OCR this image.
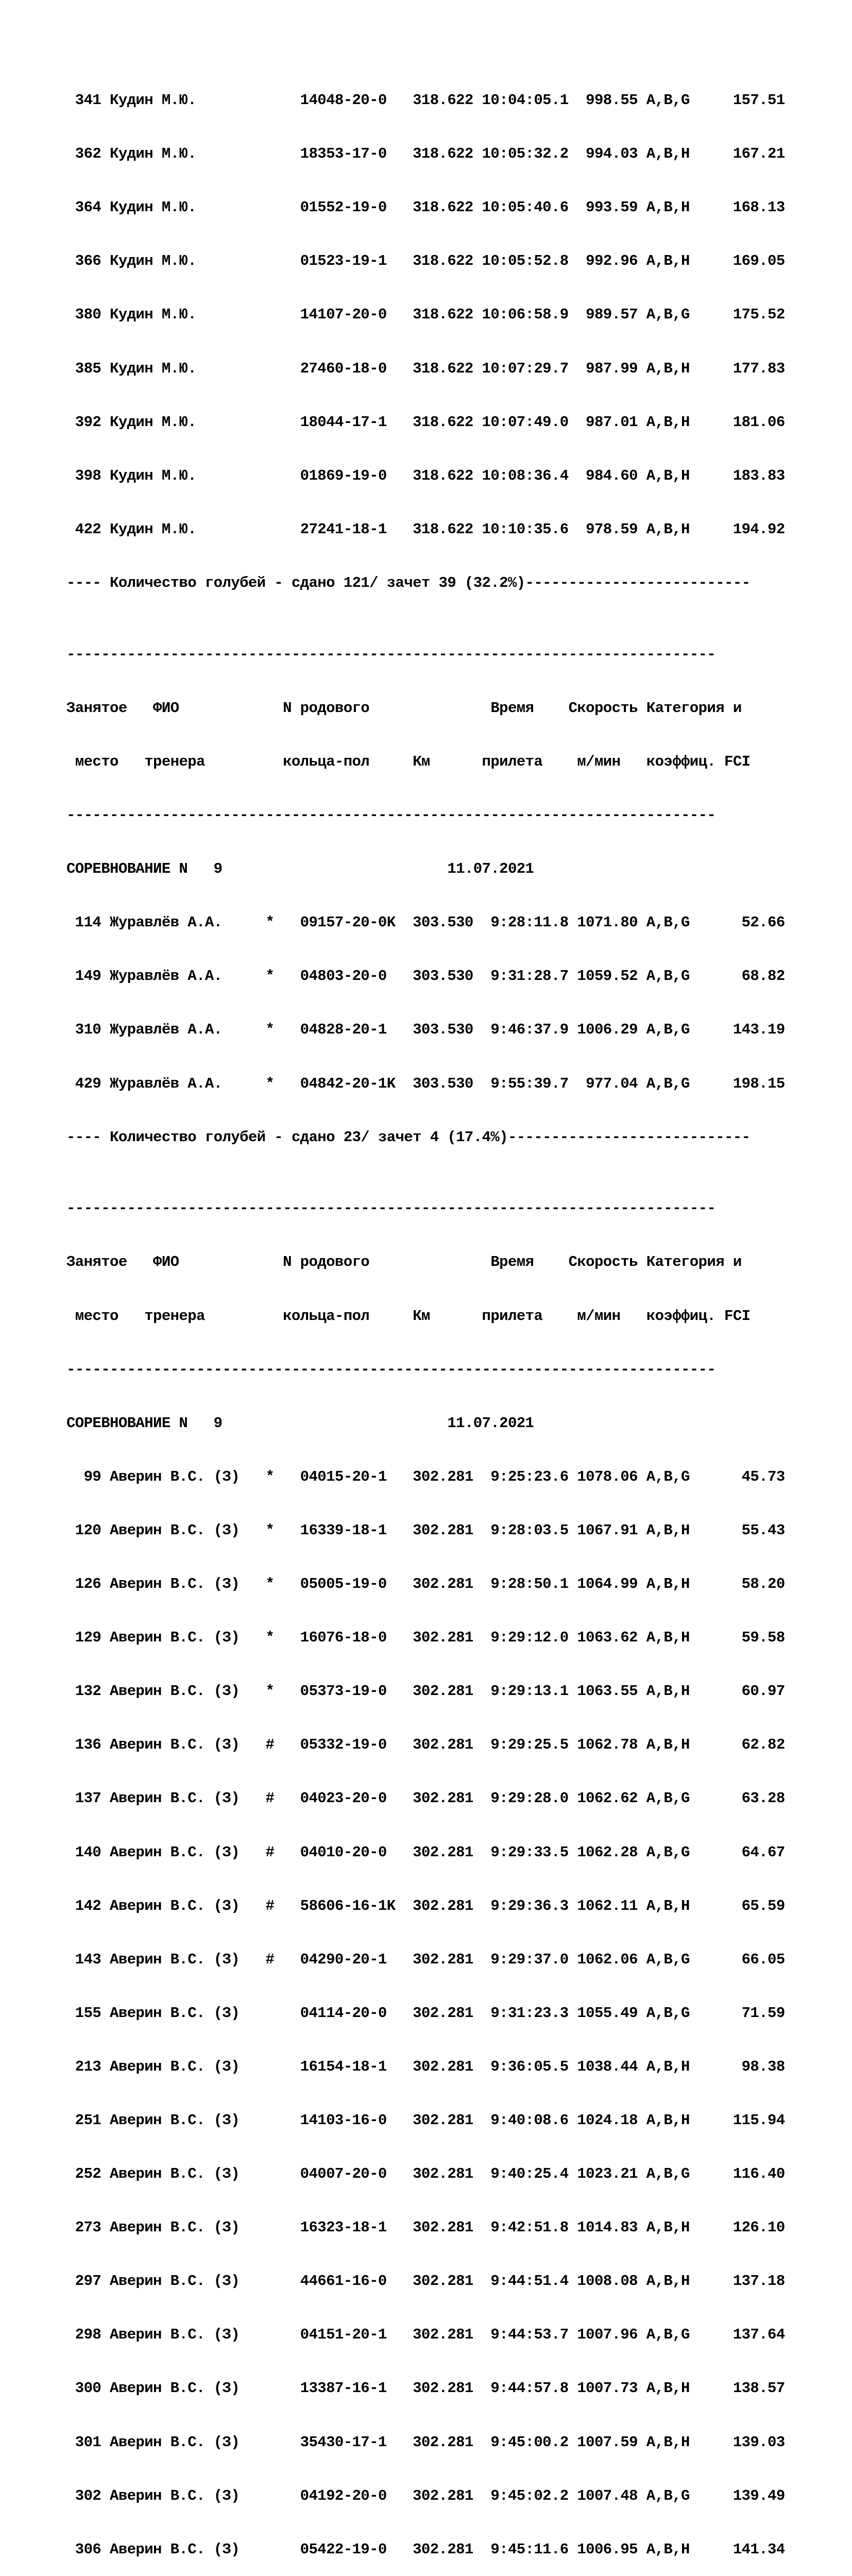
341 Кудин М.Ю.            14048-20-0   318.622 10:04:05.1  998.55 A,B,G     157.51

362 Кудин М.Ю.            18353-17-0   318.622 10:05:32.2  994.03 A,B,H     167.21

364 Кудин М.Ю.            01552-19-0   318.622 10:05:40.6  993.59 A,B,H     168.13

366 Кудин М.Ю.            01523-19-1   318.622 10:05:52.8  992.96 A,B,H     169.05

380 Кудин М.Ю.            14107-20-0   318.622 10:06:58.9  989.57 A,B,G     175.52

385 Кудин М.Ю.            27460-18-0   318.622 10:07:29.7  987.99 A,B,H     177.83

392 Кудин М.Ю.            18044-17-1   318.622 10:07:49.0  987.01 A,B,H     181.06

398 Кудин М.Ю.            01869-19-0   318.622 10:08:36.4  984.60 A,B,H     183.83

422 Кудин М.Ю.            27241-18-1   318.622 10:10:35.6  978.59 A,B,H     194.92

---- Количество голубей - сдано 121/ зачет 39 (32.2%)--------------------------

---------------------------------------------------------------------------

Занятое   ФИО            N родового              Время    Скорость Категория и

место   тренера         кольца-пол     Км      прилета    м/мин   коэффиц. FCI

---------------------------------------------------------------------------

СОРЕВНОВАНИЕ N   9                          11.07.2021

114 Журавлёв А.А.     *   09157-20-0K  303.530  9:28:11.8 1071.80 A,B,G      52.66

149 Журавлёв А.А.     *   04803-20-0   303.530  9:31:28.7 1059.52 A,B,G      68.82

310 Журавлёв А.А.     *   04828-20-1   303.530  9:46:37.9 1006.29 A,B,G     143.19

429 Журавлёв А.А.     *   04842-20-1K  303.530  9:55:39.7  977.04 A,B,G     198.15

---- Количество голубей - сдано 23/ зачет 4 (17.4%)----------------------------

---------------------------------------------------------------------------

Занятое   ФИО            N родового              Время    Скорость Категория и

место   тренера         кольца-пол     Км      прилета    м/мин   коэффиц. FCI

---------------------------------------------------------------------------

СОРЕВНОВАНИЕ N   9                          11.07.2021

99 Аверин В.С. (З)   *   04015-20-1   302.281  9:25:23.6 1078.06 A,B,G      45.73

120 Аверин В.С. (З)   *   16339-18-1   302.281  9:28:03.5 1067.91 A,B,H      55.43

126 Аверин В.С. (З)   *   05005-19-0   302.281  9:28:50.1 1064.99 A,B,H      58.20

129 Аверин В.С. (З)   *   16076-18-0   302.281  9:29:12.0 1063.62 A,B,H      59.58

132 Аверин В.С. (З)   *   05373-19-0   302.281  9:29:13.1 1063.55 A,B,H      60.97

136 Аверин В.С. (З)   #   05332-19-0   302.281  9:29:25.5 1062.78 A,B,H      62.82

137 Аверин В.С. (З)   #   04023-20-0   302.281  9:29:28.0 1062.62 A,B,G      63.28

140 Аверин В.С. (З)   #   04010-20-0   302.281  9:29:33.5 1062.28 A,B,G      64.67

142 Аверин В.С. (З)   #   58606-16-1K  302.281  9:29:36.3 1062.11 A,B,H      65.59

143 Аверин В.С. (З)   #   04290-20-1   302.281  9:29:37.0 1062.06 A,B,G      66.05

155 Аверин В.С. (З)       04114-20-0   302.281  9:31:23.3 1055.49 A,B,G      71.59

213 Аверин В.С. (З)       16154-18-1   302.281  9:36:05.5 1038.44 A,B,H      98.38

251 Аверин В.С. (З)       14103-16-0   302.281  9:40:08.6 1024.18 A,B,H     115.94

252 Аверин В.С. (З)       04007-20-0   302.281  9:40:25.4 1023.21 A,B,G     116.40

273 Аверин В.С. (З)       16323-18-1   302.281  9:42:51.8 1014.83 A,B,H     126.10

297 Аверин В.С. (З)       44661-16-0   302.281  9:44:51.4 1008.08 A,B,H     137.18

298 Аверин В.С. (З)       04151-20-1   302.281  9:44:53.7 1007.96 A,B,G     137.64

300 Аверин В.С. (З)       13387-16-1   302.281  9:44:57.8 1007.73 A,B,H     138.57

301 Аверин В.С. (З)       35430-17-1   302.281  9:45:00.2 1007.59 A,B,H     139.03

302 Аверин В.С. (З)       04192-20-0   302.281  9:45:02.2 1007.48 A,B,G     139.49

306 Аверин В.С. (З)       05422-19-0   302.281  9:45:11.6 1006.95 A,B,H     141.34
